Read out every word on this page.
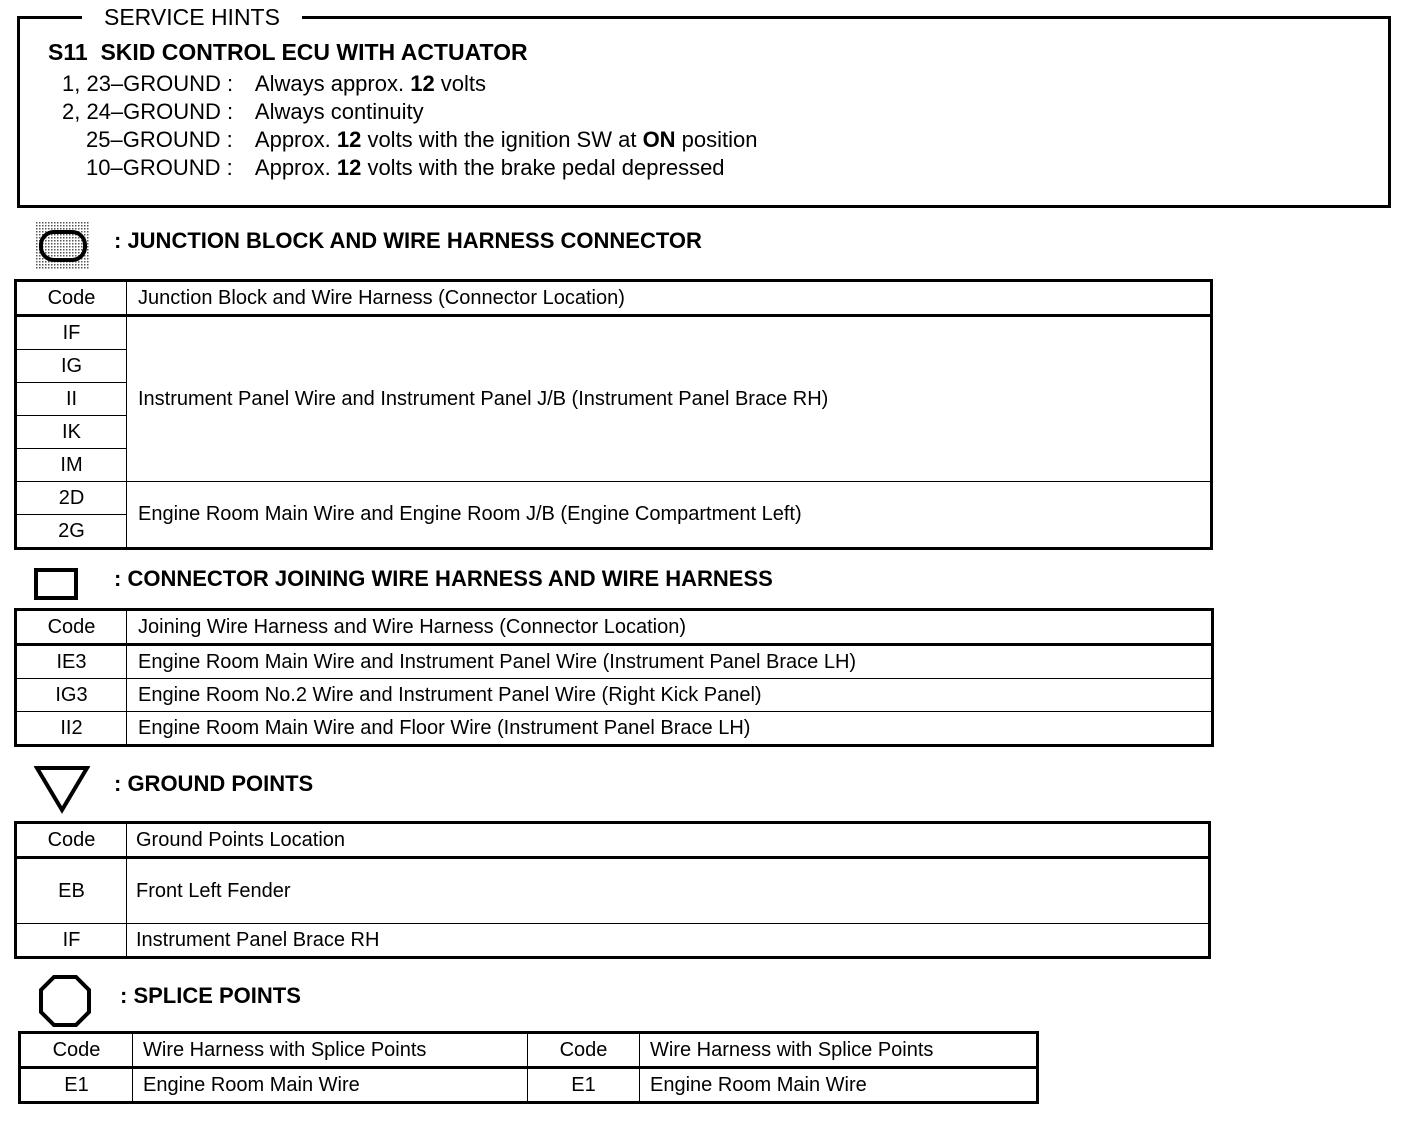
SERVICE HINTS
S11 SKID CONTROL ECU WITH ACTUATOR
1, 23–GROUND : Always approx. 12 volts
2, 24–GROUND : Always continuity
25–GROUND : Approx. 12 volts with the ignition SW at ON position
10–GROUND : Approx. 12 volts with the brake pedal depressed
: JUNCTION BLOCK AND WIRE HARNESS CONNECTOR
Code	Junction Block and Wire Harness (Connector Location)
IF	Instrument Panel Wire and Instrument Panel J/B (Instrument Panel Brace RH)
IG	
II	
IK	
IM	
2D	Engine Room Main Wire and Engine Room J/B (Engine Compartment Left)
2G	
: CONNECTOR JOINING WIRE HARNESS AND WIRE HARNESS
Code	Joining Wire Harness and Wire Harness (Connector Location)
IE3	Engine Room Main Wire and Instrument Panel Wire (Instrument Panel Brace LH)
IG3	Engine Room No.2 Wire and Instrument Panel Wire (Right Kick Panel)
II2	Engine Room Main Wire and Floor Wire (Instrument Panel Brace LH)
: GROUND POINTS
Code	Ground Points Location
EB	Front Left Fender
IF	Instrument Panel Brace RH
: SPLICE POINTS
Code	Wire Harness with Splice Points	Code	Wire Harness with Splice Points
E1	Engine Room Main Wire	E1	Engine Room Main Wire
